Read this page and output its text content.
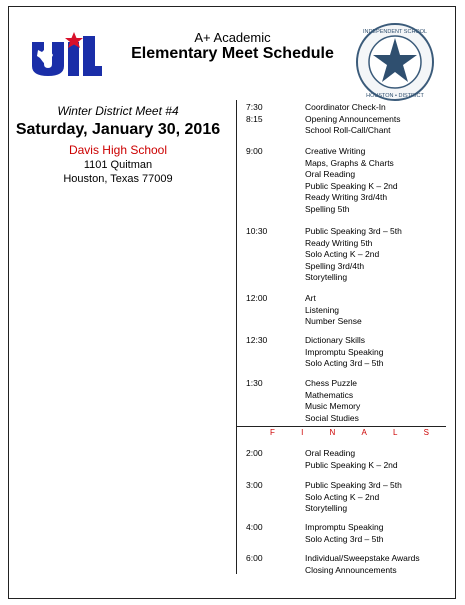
INDEPENDENT SCHOOL
HOUSTON • DISTRICT
A+ Academic
Elementary Meet Schedule
Winter District Meet #4
Saturday, January 30, 2016
Davis High School
1101 Quitman
Houston, Texas 77009
F	I	N	A	L	S
7:30	Coordinator Check-In
8:15	Opening Announcements
School Roll-Call/Chant
9:00	Creative Writing
Maps, Graphs & Charts
Oral Reading
Public Speaking K – 2nd
Ready Writing 3rd/4th
Spelling 5th
10:30	Public Speaking 3rd – 5th
Ready Writing 5th
Solo Acting K – 2nd
Spelling 3rd/4th
Storytelling
12:00	Art
Listening
Number Sense
12:30	Dictionary Skills
Impromptu Speaking
Solo Acting 3rd – 5th
1:30	Chess Puzzle
Mathematics
Music Memory
Social Studies
2:00	Oral Reading
Public Speaking K – 2nd
3:00	Public Speaking 3rd – 5th
Solo Acting K – 2nd
Storytelling
4:00	Impromptu Speaking
Solo Acting 3rd – 5th
6:00	Individual/Sweepstake Awards
Closing Announcements
